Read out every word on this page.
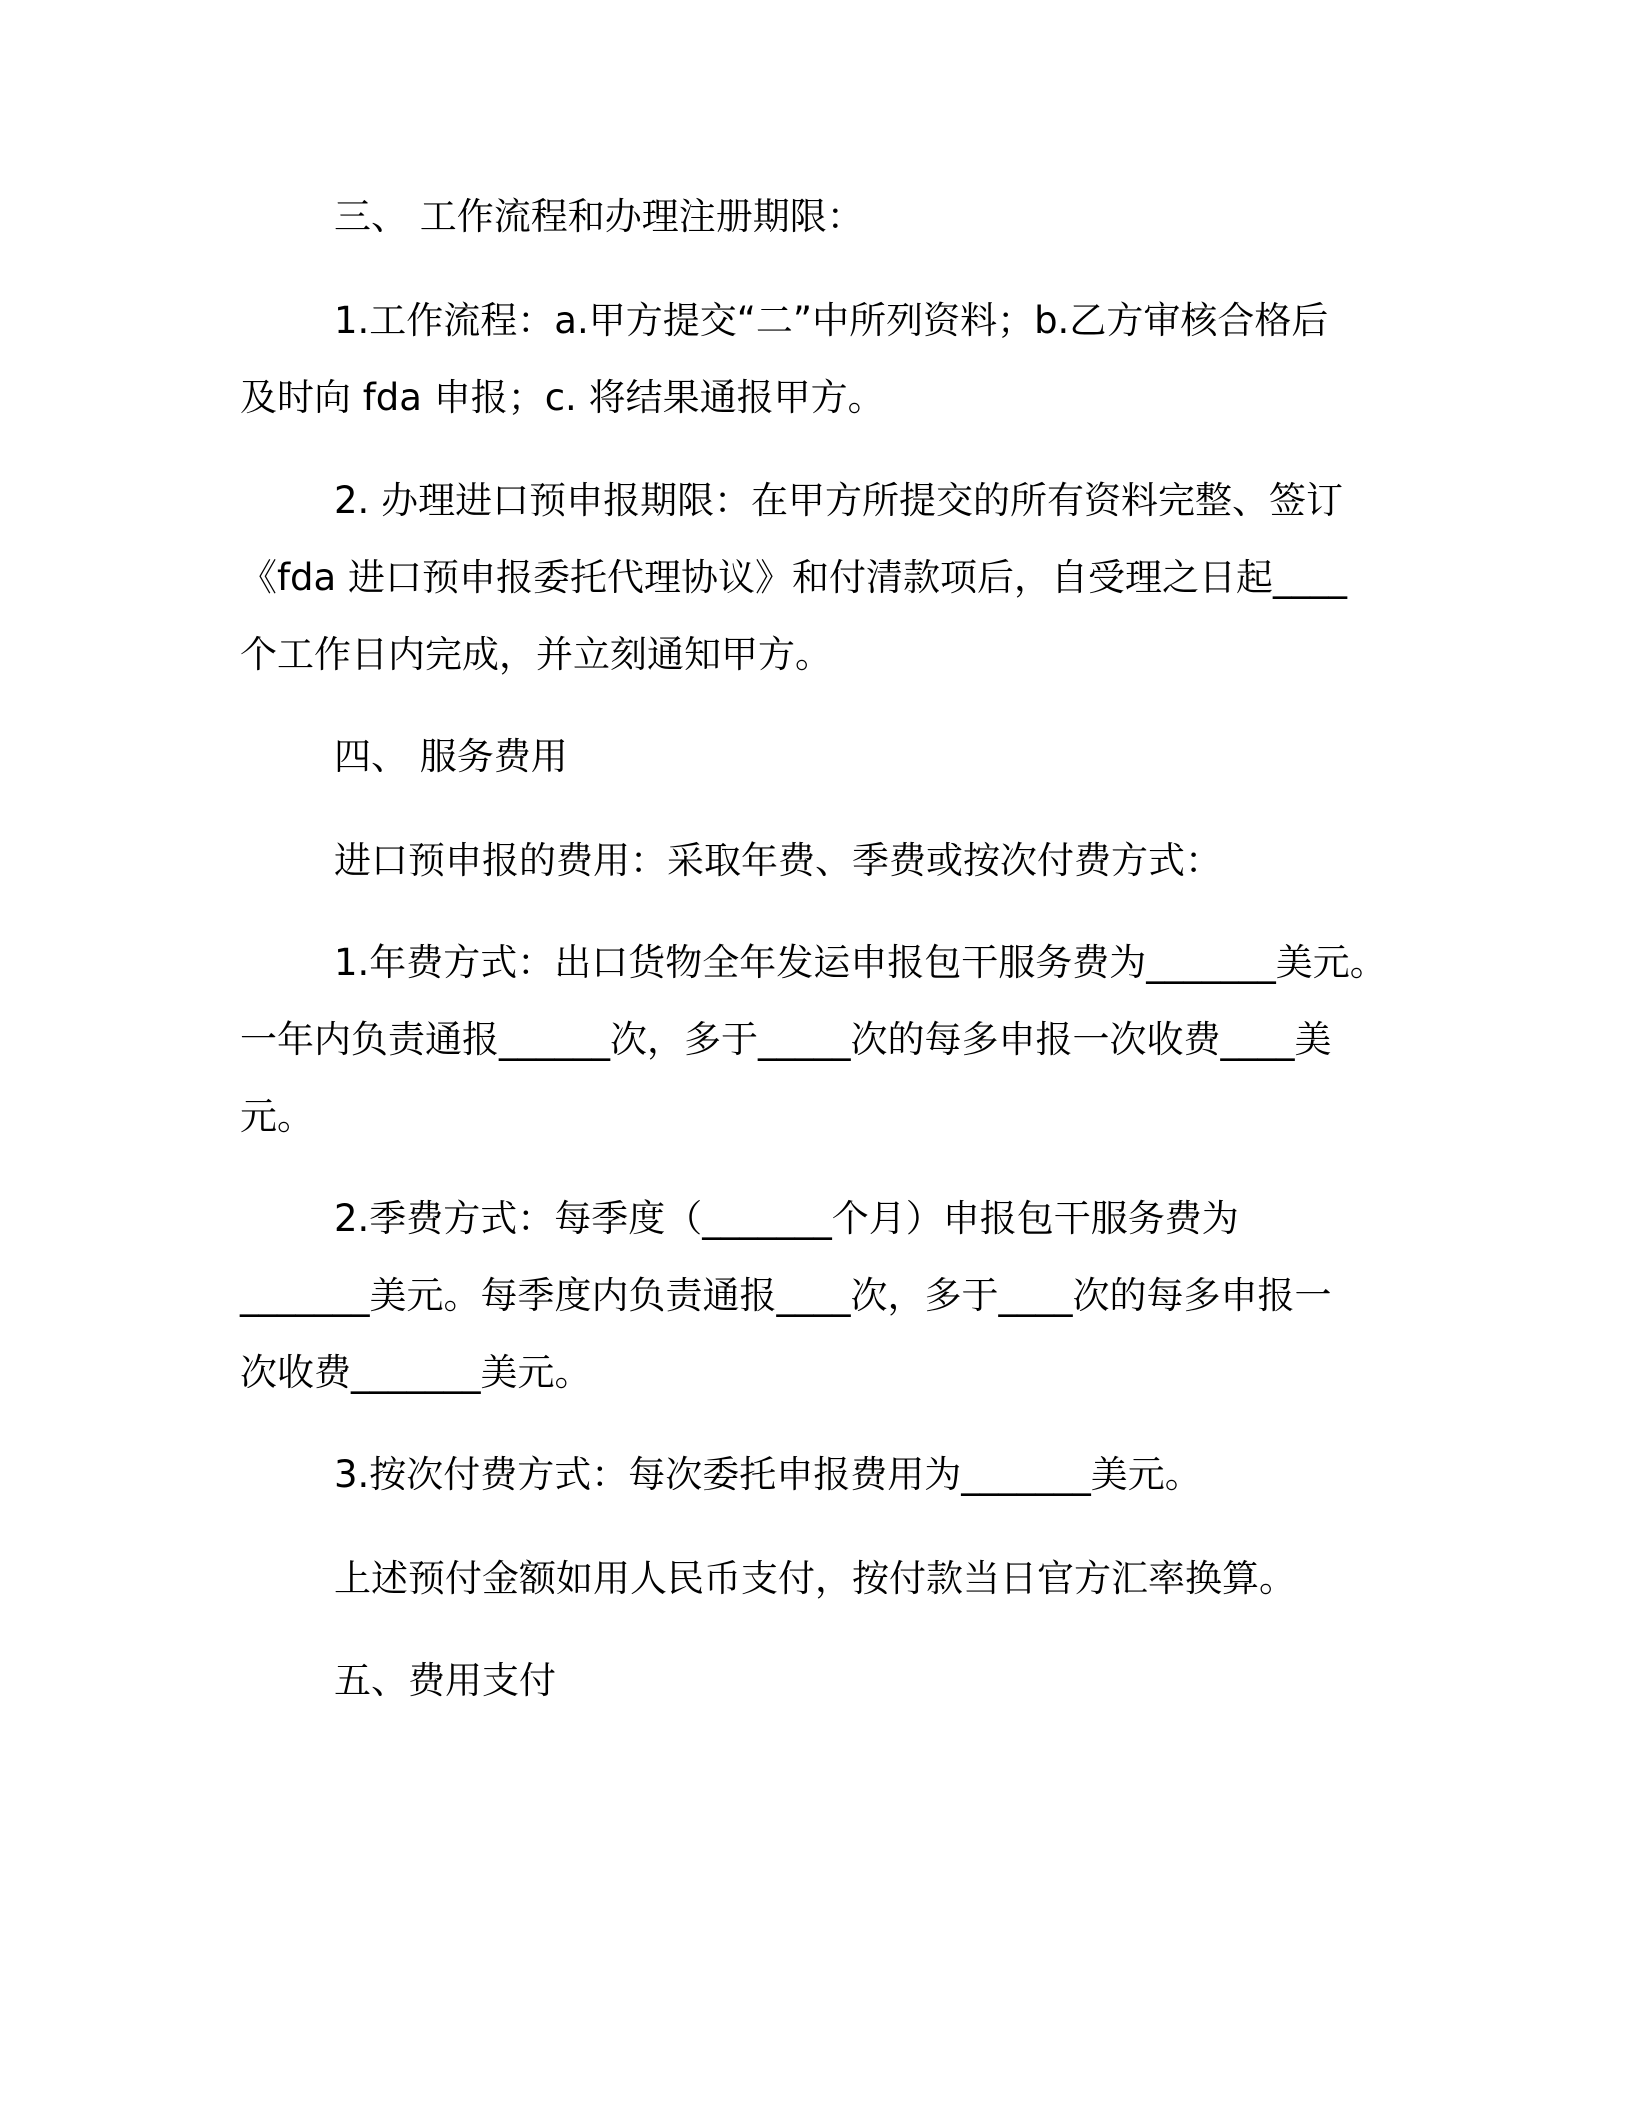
三、 工作流程和办理注册期限：

1.工作流程：a.甲方提交“二”中所列资料；b.乙方审核合格后
及时向 fda 申报；c. 将结果通报甲方。

2. 办理进口预申报期限：在甲方所提交的所有资料完整、签订
《fda 进口预申报委托代理协议》和付清款项后，自受理之日起____
个工作日内完成，并立刻通知甲方。

四、 服务费用

进口预申报的费用：采取年费、季费或按次付费方式：

1.年费方式：出口货物全年发运申报包干服务费为_______美元。
一年内负责通报______次，多于_____次的每多申报一次收费____美
元。

2.季费方式：每季度（_______个月）申报包干服务费为
_______美元。每季度内负责通报____次，多于____次的每多申报一
次收费_______美元。

3.按次付费方式：每次委托申报费用为_______美元。

上述预付金额如用人民币支付，按付款当日官方汇率换算。

五、费用支付
